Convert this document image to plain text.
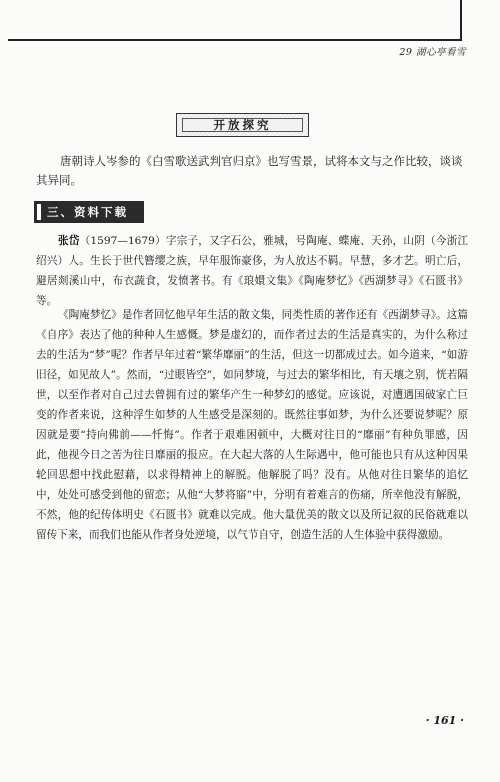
29 湖心亭看雪
开放探究
唐朝诗人岑参的《白雪歌送武判官归京》也写雪景，试将本文与之作比较，谈谈其异同。
三、资料下载
张岱（1597—1679）字宗子，又字石公，雅城，号陶庵、蝶庵、天孙，山阴（今浙江绍兴）人。生长于世代簪缨之族，早年服饰豪侈，为人放达不羁。早慧，多才艺。明亡后，避居剡溪山中，布衣蔬食，发愤著书。有《琅嬛文集》《陶庵梦忆》《西湖梦寻》《石匮书》等。
《陶庵梦忆》是作者回忆他早年生活的散文集，同类性质的著作还有《西湖梦寻》。这篇《自序》表达了他的种种人生感慨。梦是虚幻的，而作者过去的生活是真实的，为什么称过去的生活为“梦”呢？作者早年过着“繁华靡丽”的生活，但这一切都成过去。如今道来，“如游旧径，如见故人”。然而，“过眼皆空”，如同梦境，与过去的繁华相比，有天壤之别，恍若隔世，以至作者对自己过去曾拥有过的繁华产生一种梦幻的感觉。应该说，对遭遇国破家亡巨变的作者来说，这种浮生如梦的人生感受是深刻的。既然往事如梦，为什么还要说梦呢？原因就是要“持向佛前——忏悔”。作者于艰难困顿中，大概对往日的“靡丽”有种负罪感，因此，他视今日之苦为往日靡丽的报应。在大起大落的人生际遇中，他可能也只有从这种因果轮回思想中找此慰藉，以求得精神上的解脱。他解脱了吗？没有。从他对往日繁华的追忆中，处处可感受到他的留恋；从他“大梦将寤”中，分明有着难言的伤痛，所幸他没有解脱，不然，他的纪传体明史《石匮书》就难以完成。他大量优美的散文以及所记叙的民俗就难以留传下来，而我们也能从作者身处逆境，以气节自守，创造生活的人生体验中获得激励。
· 161 ·
